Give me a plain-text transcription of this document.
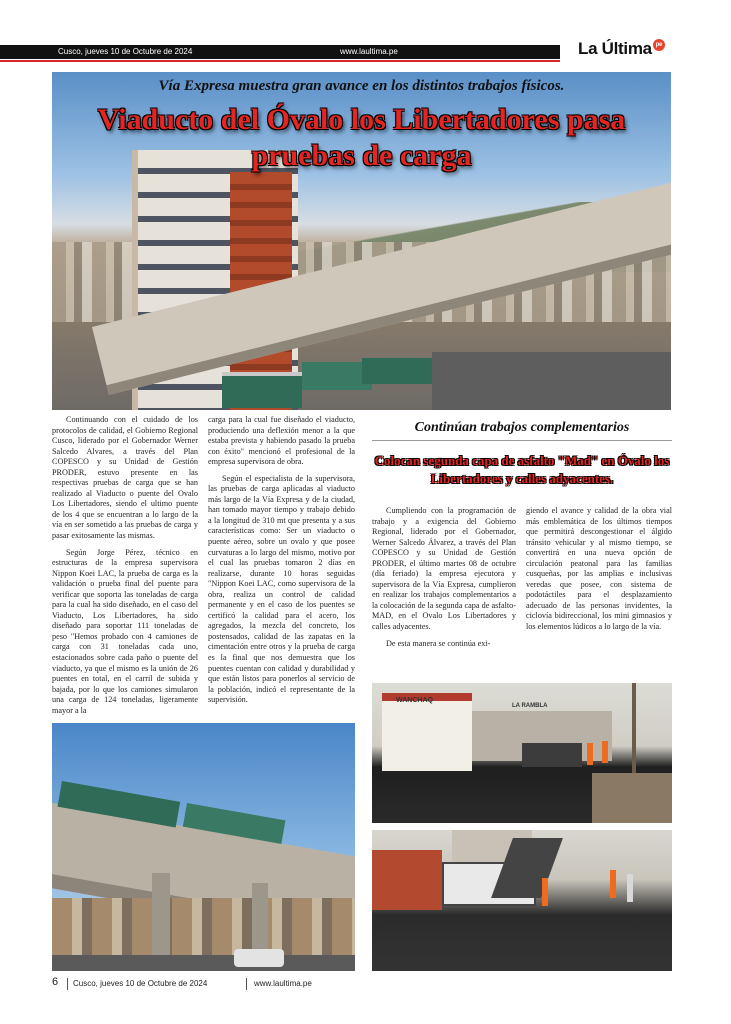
Cusco, jueves 10 de Octubre de 2024	www.laultima.pe	La Última pe
Vía Expresa muestra gran avance en los distintos trabajos físicos.
Viaducto del Óvalo los Libertadores pasa
pruebas de carga

Continuando con el cuidado de los protocolos de calidad, el Gobierno Regional Cusco, liderado por el Gobernador Werner Salcedo Alvares, a través del Plan COPESCO y su Unidad de Gestión PRODER, estuvo presente en las respectivas pruebas de carga que se han realizado al Viaducto o puente del Ovalo Los Libertadores, siendo el ultimo puente de los 4 que se encuentran a lo largo de la vía en ser sometido a las pruebas de carga y pasar exitosamente las mismas.

Según Jorge Pérez, técnico en estructuras de la empresa supervisora Nippon Koei LAC, la prueba de carga es la validación o prueba final del puente para verificar que soporta las toneladas de carga para la cual ha sido diseñado, en el caso del Viaducto, Los Libertadores, ha sido diseñado para soportar 111 toneladas de peso "Hemos probado con 4 camiones de carga con 31 toneladas cada uno, estacionados sobre cada paño o puente del viaducto, ya que el mismo es la unión de 26 puentes en total, en el carril de subida y bajada, por lo que los camiones simularon una carga de 124 toneladas, ligeramente mayor a la

carga para la cual fue diseñado el viaducto, produciendo una deflexión menor a la que estaba prevista y habiendo pasado la prueba con éxito" mencionó el profesional de la empresa supervisora de obra.

Según el especialista de la supervisora, las pruebas de carga aplicadas al viaducto más largo de la Vía Expresa y de la ciudad, han tomado mayor tiempo y trabajo debido a la longitud de 310 mt que presenta y a sus características como: Ser un viaducto o puente aéreo, sobre un ovalo y que posee curvaturas a lo largo del mismo, motivo por el cual las pruebas tomaron 2 días en realizarse, durante 10 horas seguidas "Nippon Koei LAC, como supervisora de la obra, realiza un control de calidad permanente y en el caso de los puentes se certificó la calidad para el acero, los agregados, la mezcla del concreto, los postensados, calidad de las zapatas en la cimentación entre otros y la prueba de carga es la final que nos demuestra que los puentes cuentan con calidad y durabilidad y que están listos para ponerlos al servicio de la población, indicó el representante de la supervisión.

Continúan trabajos complementarios
Colocan segunda capa de asfalto "Mad" en Óvalo los
Libertadores y calles adyacentes.

Cumpliendo con la programación de trabajo y a exigencia del Gobierno Regional, liderado por el Gobernador, Werner Salcedo Álvarez, a través del Plan COPESCO y su Unidad de Gestión PRODER, el último martes 08 de octubre (día feriado) la empresa ejecutora y supervisora de la Vía Expresa, cumplieron en realizar los trabajos complementarios a la colocación de la segunda capa de asfalto-MAD, en el Ovalo Los Libertadores y calles adyacentes.

De esta manera se continúa exi-

giendo el avance y calidad de la obra vial más emblemática de los últimos tiempos que permitirá descongestionar el álgido tránsito vehicular y al mismo tiempo, se convertirá en una nueva opción de circulación peatonal para las familias cusqueñas, por las amplias e inclusivas veredas que posee, con sistema de podotáctiles para el desplazamiento adecuado de las personas invidentes, la ciclovía bidireccional, los mini gimnasios y los elementos lúdicos a lo largo de la vía.

WANCHAQ
LA RAMBLA
6 Cusco, jueves 10 de Octubre de 2024	www.laultima.pe
